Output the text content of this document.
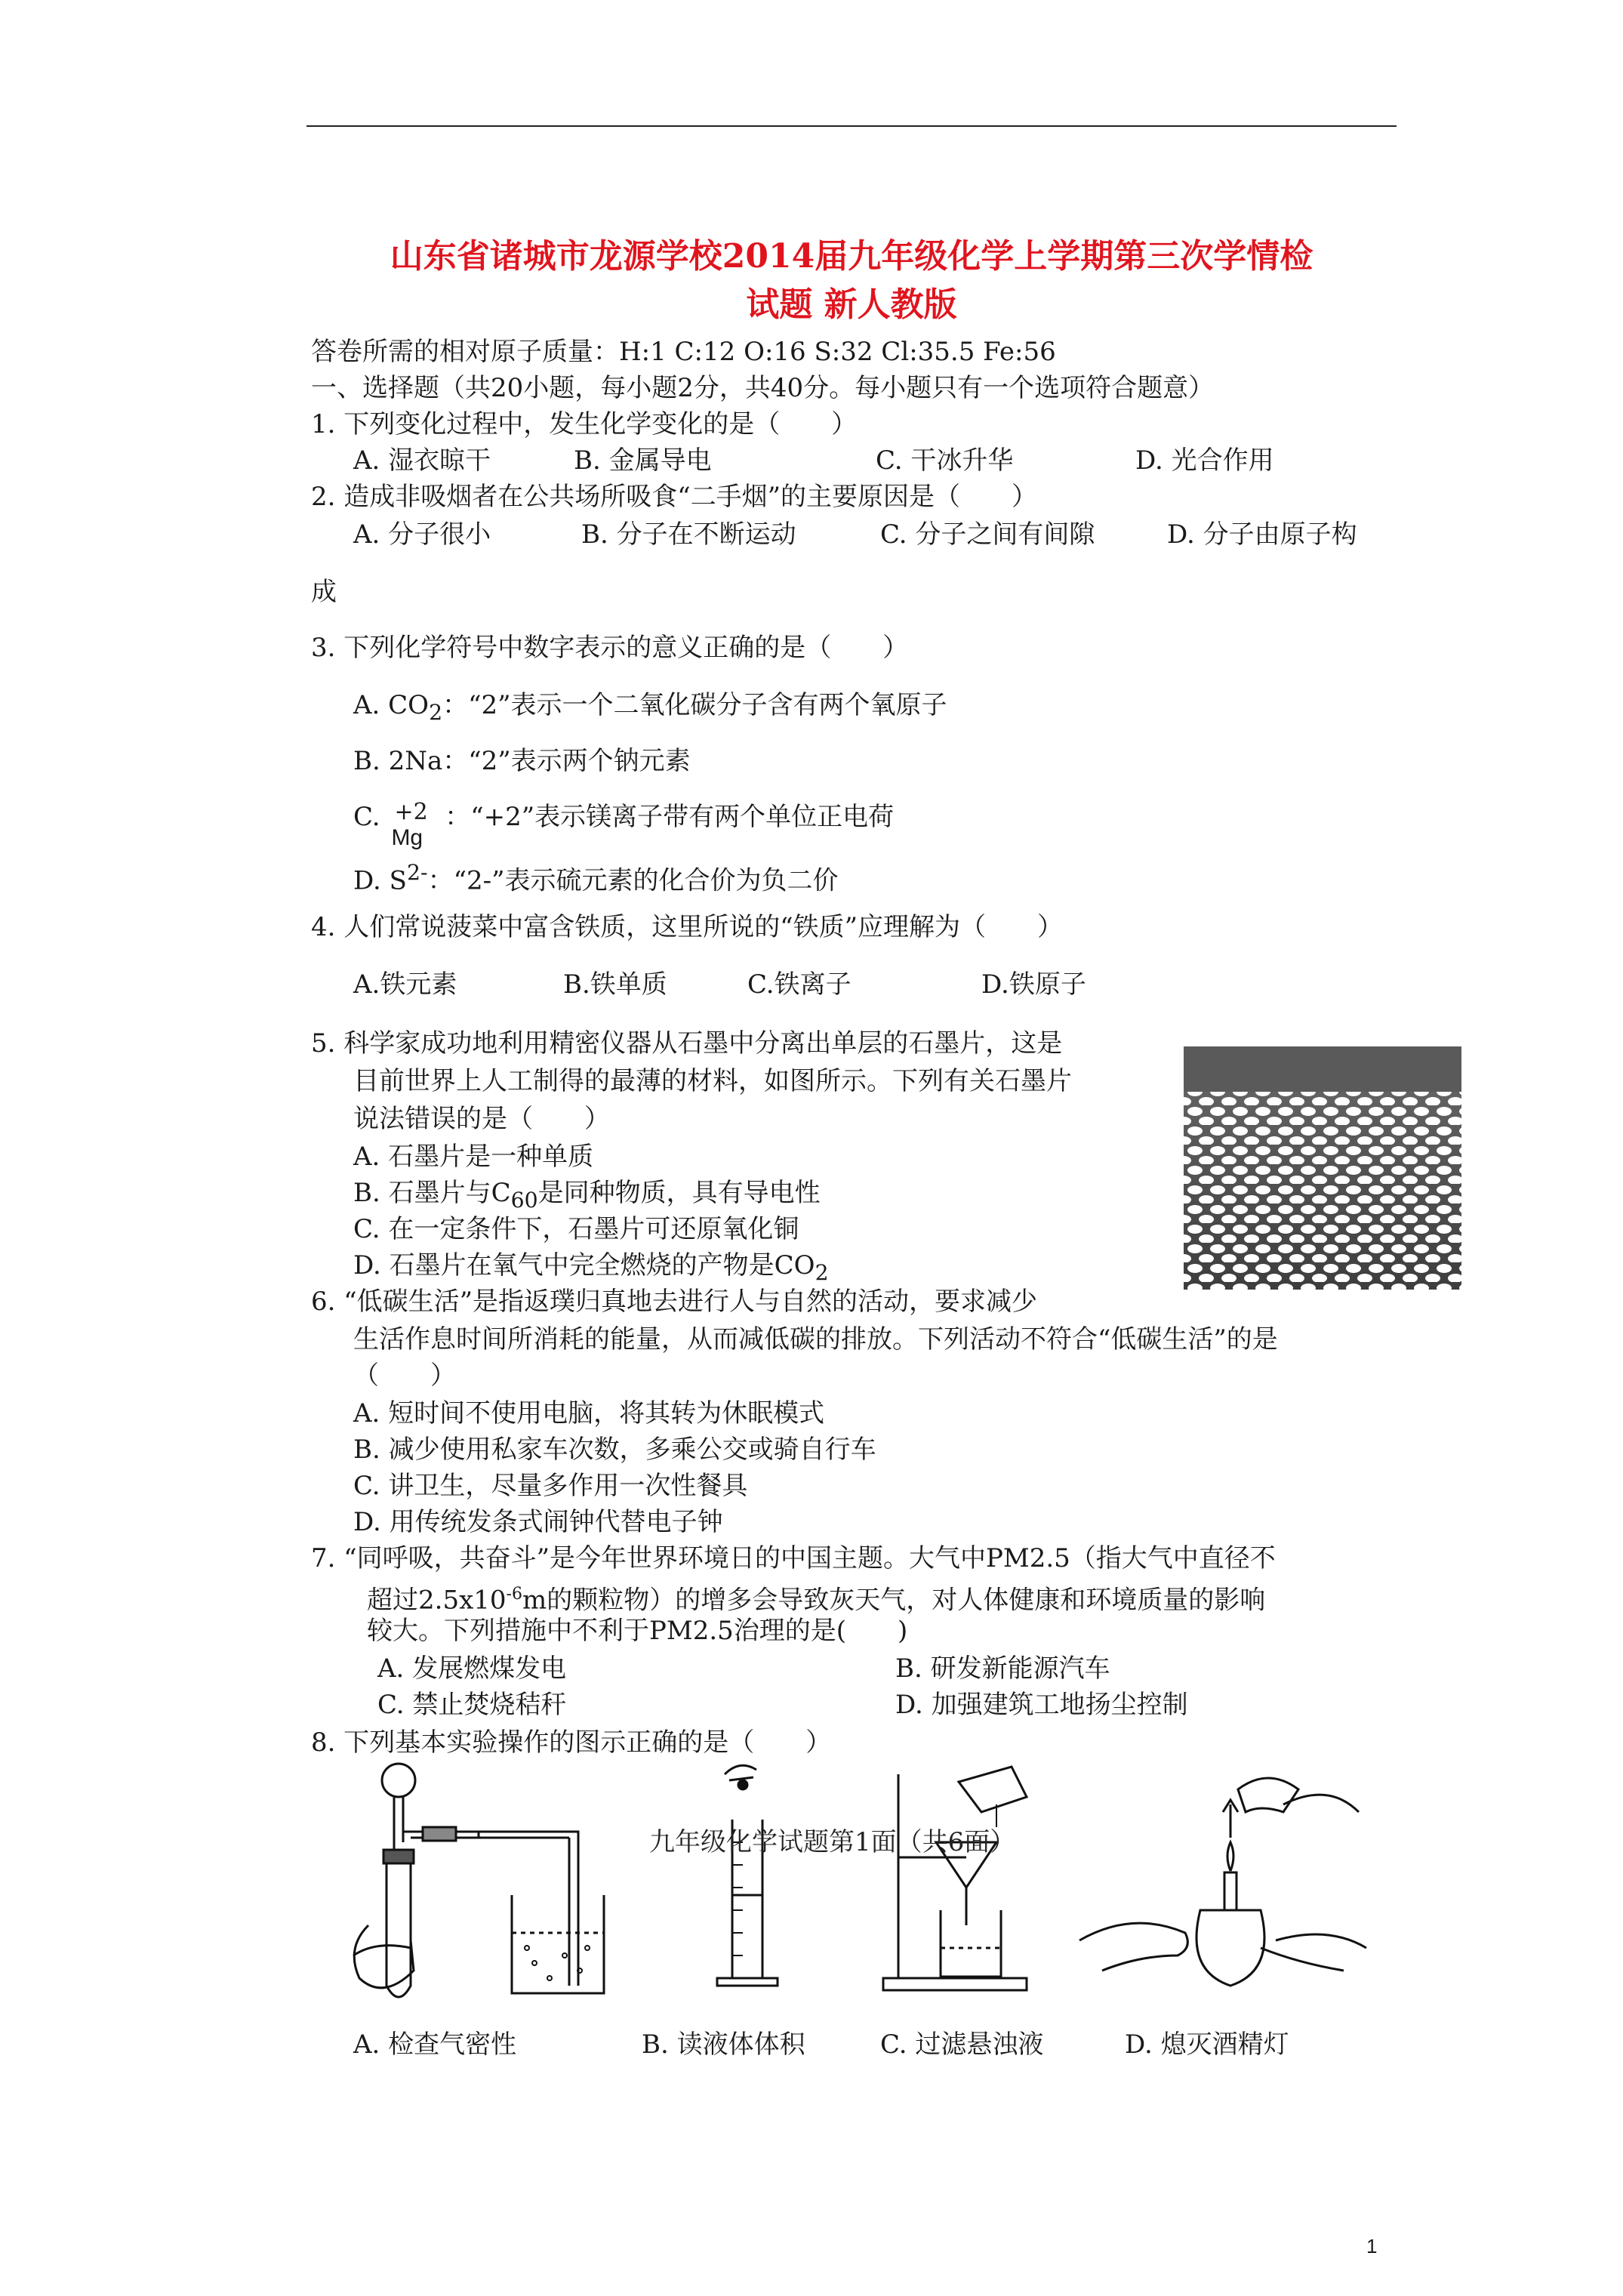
山东省诸城市龙源学校2014届九年级化学上学期第三次学情检
试题 新人教版
答卷所需的相对原子质量：H:1 C:12 O:16 S:32 Cl:35.5 Fe:56
一、选择题（共20小题，每小题2分，共40分。每小题只有一个选项符合题意）
1. 下列变化过程中，发生化学变化的是（　　）
A. 湿衣晾干	B. 金属导电	C. 干冰升华	D. 光合作用
2. 造成非吸烟者在公共场所吸食“二手烟”的主要原因是（　　）
A. 分子很小	B. 分子在不断运动	C. 分子之间有间隙	D. 分子由原子构
成
3. 下列化学符号中数字表示的意义正确的是（　　）
A. $CO_2$：“2”表示一个二氧化碳分子含有两个氧原子
B. 2Na：“2”表示两个钠元素
C. +2
Mg
：“+2”表示镁离子带有两个单位正电荷
D. $S^{2-}$：“2-”表示硫元素的化合价为负二价
4. 人们常说菠菜中富含铁质，这里所说的“铁质”应理解为（　　）
A.铁元素	B.铁单质	C.铁离子	D.铁原子
5. 科学家成功地利用精密仪器从石墨中分离出单层的石墨片，这是
目前世界上人工制得的最薄的材料，如图所示。下列有关石墨片
说法错误的是（　　）
A. 石墨片是一种单质
B. 石墨片与$C_{60}$是同种物质，具有导电性
C. 在一定条件下，石墨片可还原氧化铜
D. 石墨片在氧气中完全燃烧的产物是$CO_2$
6. “低碳生活”是指返璞归真地去进行人与自然的活动，要求减少
生活作息时间所消耗的能量，从而减低碳的排放。下列活动不符合“低碳生活”的是
（　　）
A. 短时间不使用电脑，将其转为休眠模式
B. 减少使用私家车次数，多乘公交或骑自行车
C. 讲卫生，尽量多作用一次性餐具
D. 用传统发条式闹钟代替电子钟
7. “同呼吸，共奋斗”是今年世界环境日的中国主题。大气中PM2.5（指大气中直径不
超过$2.5x10^{-6}m$的颗粒物）的增多会导致灰天气，对人体健康和环境质量的影响
较大。下列措施中不利于PM2.5治理的是(　　)
A. 发展燃煤发电	B. 研发新能源汽车
C. 禁止焚烧秸秆	D. 加强建筑工地扬尘控制
8. 下列基本实验操作的图示正确的是（　　）
A. 检查气密性	B. 读液体体积	C. 过滤悬浊液	D. 熄灭酒精灯
九年级化学试题第1面（共6面）
1
